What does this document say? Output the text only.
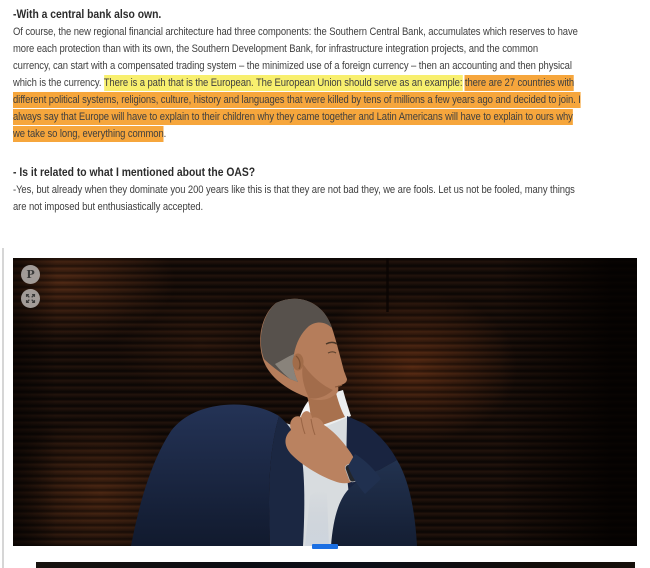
-With a central bank also own.
Of course, the new regional financial architecture had three components: the Southern Central Bank, accumulates which reserves to have
more each protection than with its own, the Southern Development Bank, for infrastructure integration projects, and the common
currency, can start with a compensated trading system – the minimized use of a foreign currency – then an accounting and then physical
which is the currency. There is a path that is the European. The European Union should serve as an example: there are 27 countries with
different political systems, religions, culture, history and languages that were killed by tens of millions a few years ago and decided to join. I
always say that Europe will have to explain to their children why they came together and Latin Americans will have to explain to ours why
we take so long, everything common.
- Is it related to what I mentioned about the OAS?
-Yes, but already when they dominate you 200 years like this is that they are not bad they, we are fools. Let us not be fooled, many things
are not imposed but enthusiastically accepted.
P
